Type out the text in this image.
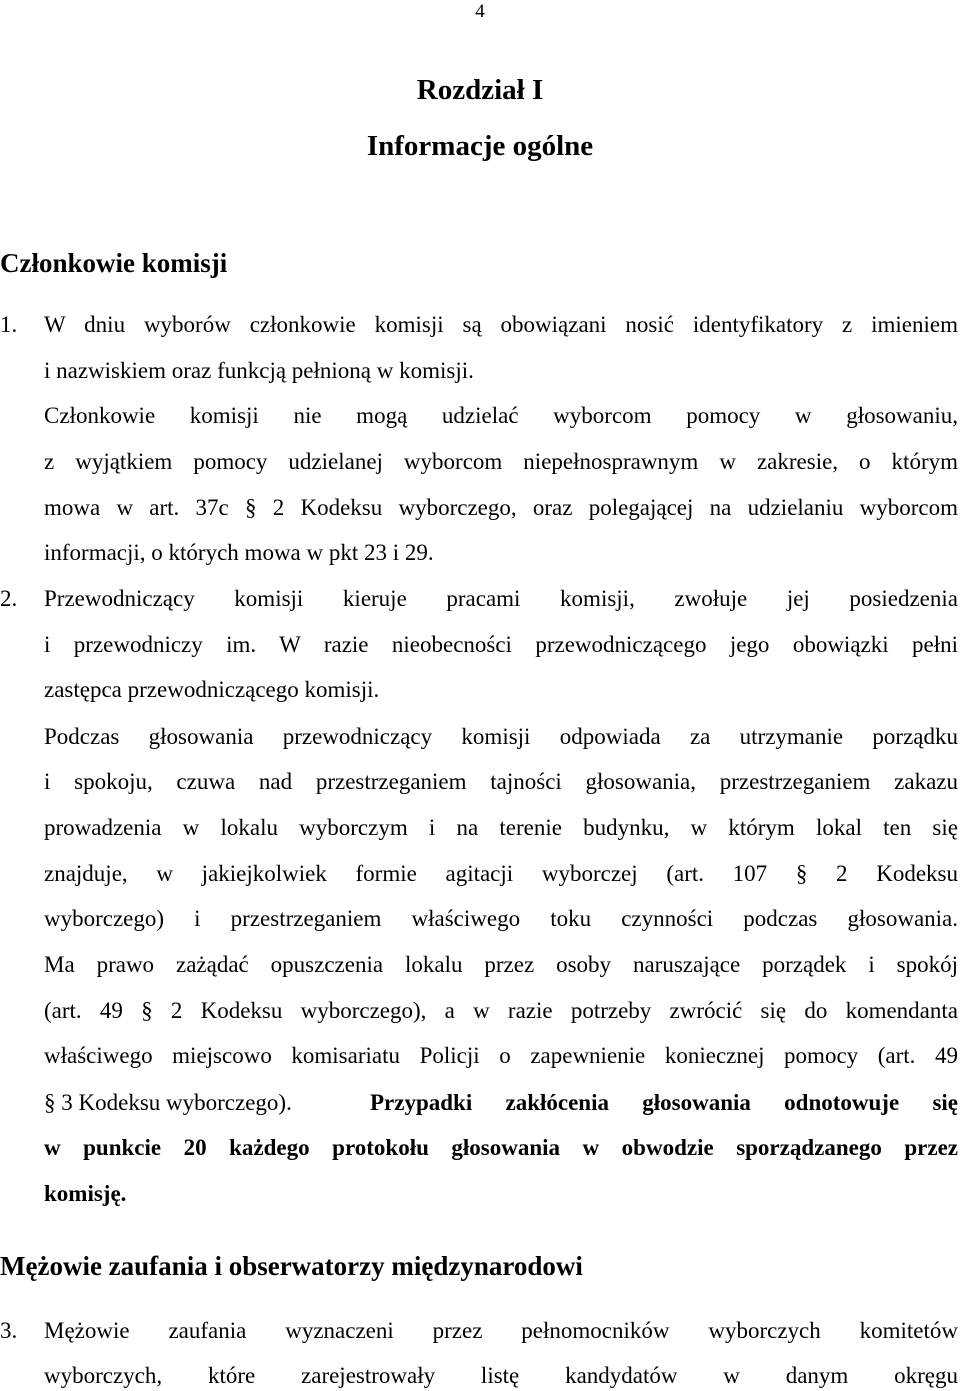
4
Rozdział I
Informacje ogólne
Członkowie komisji
1. W dniu wyborów członkowie komisji są obowiązani nosić identyfikatory z imieniem
i nazwiskiem oraz funkcją pełnioną w komisji.
Członkowie komisji nie mogą udzielać wyborcom pomocy w głosowaniu,
z wyjątkiem pomocy udzielanej wyborcom niepełnosprawnym w zakresie, o którym
mowa w art. 37c § 2 Kodeksu wyborczego, oraz polegającej na udzielaniu wyborcom
informacji, o których mowa w pkt 23 i 29.
2. Przewodniczący komisji kieruje pracami komisji, zwołuje jej posiedzenia
i przewodniczy im. W razie nieobecności przewodniczącego jego obowiązki pełni
zastępca przewodniczącego komisji.
Podczas głosowania przewodniczący komisji odpowiada za utrzymanie porządku
i spokoju, czuwa nad przestrzeganiem tajności głosowania, przestrzeganiem zakazu
prowadzenia w lokalu wyborczym i na terenie budynku, w którym lokal ten się
znajduje, w jakiejkolwiek formie agitacji wyborczej (art. 107 § 2 Kodeksu
wyborczego) i przestrzeganiem właściwego toku czynności podczas głosowania.
Ma prawo zażądać opuszczenia lokalu przez osoby naruszające porządek i spokój
(art. 49 § 2 Kodeksu wyborczego), a w razie potrzeby zwrócić się do komendanta
właściwego miejscowo komisariatu Policji o zapewnienie koniecznej pomocy (art. 49
§ 3 Kodeksu wyborczego).	Przypadki zakłócenia głosowania odnotowuje się
w punkcie 20 każdego protokołu głosowania w obwodzie sporządzanego przez
komisję.
Mężowie zaufania i obserwatorzy międzynarodowi
3. Mężowie zaufania wyznaczeni przez pełnomocników wyborczych komitetów
wyborczych, które zarejestrowały listę kandydatów w danym okręgu
